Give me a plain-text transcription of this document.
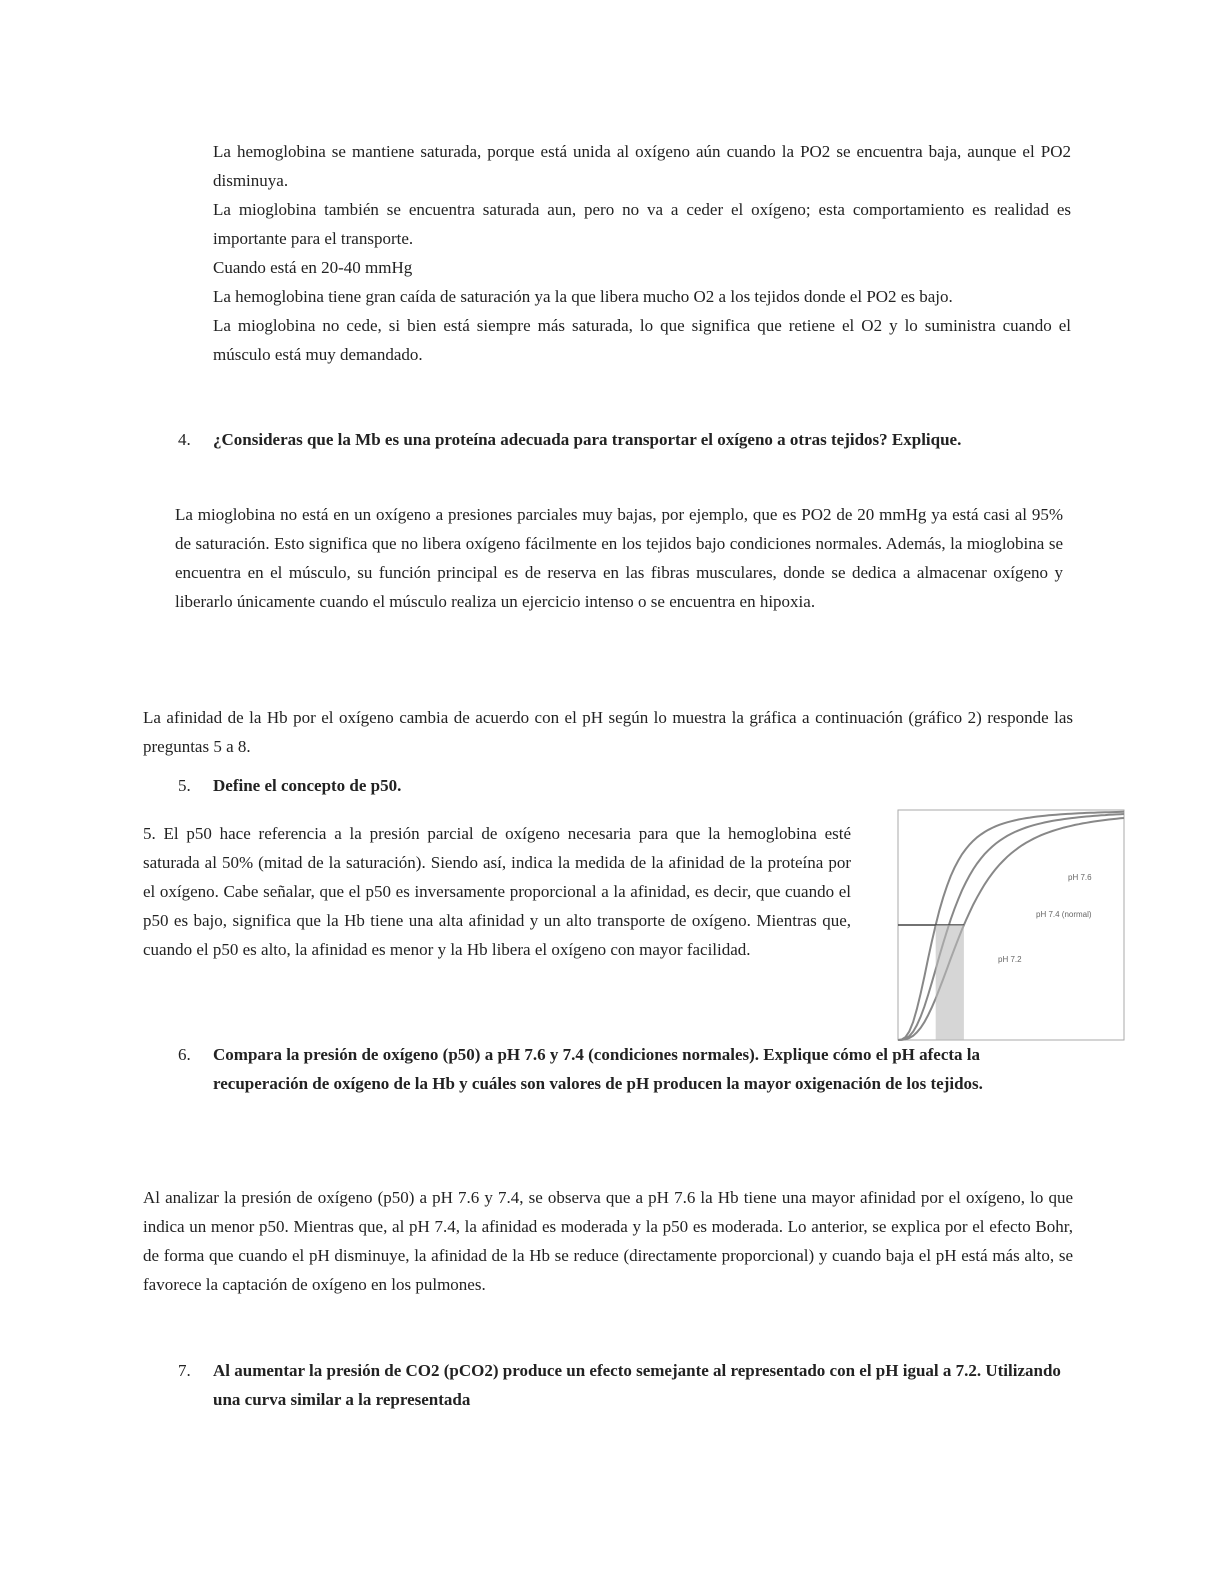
La hemoglobina se mantiene saturada, porque está unida al oxígeno aún cuando la PO2 se encuentra baja, aunque el PO2 disminuya.

La mioglobina también se encuentra saturada aun, pero no va a ceder el oxígeno; esta comportamiento es realidad es importante para el transporte.

Cuando está en 20-40 mmHg

La hemoglobina tiene gran caída de saturación ya la que libera mucho O2 a los tejidos donde el PO2 es bajo.

La mioglobina no cede, si bien está siempre más saturada, lo que significa que retiene el O2 y lo suministra cuando el músculo está muy demandado.

4. ¿Consideras que la Mb es una proteína adecuada para transportar el oxígeno a otras tejidos? Explique.

La mioglobina no está en un oxígeno a presiones parciales muy bajas, por ejemplo, que es PO2 de 20 mmHg ya está casi al 95% de saturación. Esto significa que no libera oxígeno fácilmente en los tejidos bajo condiciones normales. Además, la mioglobina se encuentra en el músculo, su función principal es de reserva en las fibras musculares, donde se dedica a almacenar oxígeno y liberarlo únicamente cuando el músculo realiza un ejercicio intenso o se encuentra en hipoxia.

La afinidad de la Hb por el oxígeno cambia de acuerdo con el pH según lo muestra la gráfica a continuación (gráfico 2) responde las preguntas 5 a 8.

5. Define el concepto de p50.

5. El p50 hace referencia a la presión parcial de oxígeno necesaria para que la hemoglobina esté saturada al 50% (mitad de la saturación). Siendo así, indica la medida de la afinidad de la proteína por el oxígeno. Cabe señalar, que el p50 es inversamente proporcional a la afinidad, es decir, que cuando el p50 es bajo, significa que la Hb tiene una alta afinidad y un alto transporte de oxígeno. Mientras que, cuando el p50 es alto, la afinidad es menor y la Hb libera el oxígeno con mayor facilidad.

pH 7.6
pH 7.4 (normal)
pH 7.2
6. Compara la presión de oxígeno (p50) a pH 7.6 y 7.4 (condiciones normales). Explique cómo el pH afecta la recuperación de oxígeno de la Hb y cuáles son valores de pH producen la mayor oxigenación de los tejidos.

Al analizar la presión de oxígeno (p50) a pH 7.6 y 7.4, se observa que a pH 7.6 la Hb tiene una mayor afinidad por el oxígeno, lo que indica un menor p50. Mientras que, al pH 7.4, la afinidad es moderada y la p50 es moderada. Lo anterior, se explica por el efecto Bohr, de forma que cuando el pH disminuye, la afinidad de la Hb se reduce (directamente proporcional) y cuando baja el pH está más alto, se favorece la captación de oxígeno en los pulmones.

7. Al aumentar la presión de CO2 (pCO2) produce un efecto semejante al representado con el pH igual a 7.2. Utilizando una curva similar a la representada
